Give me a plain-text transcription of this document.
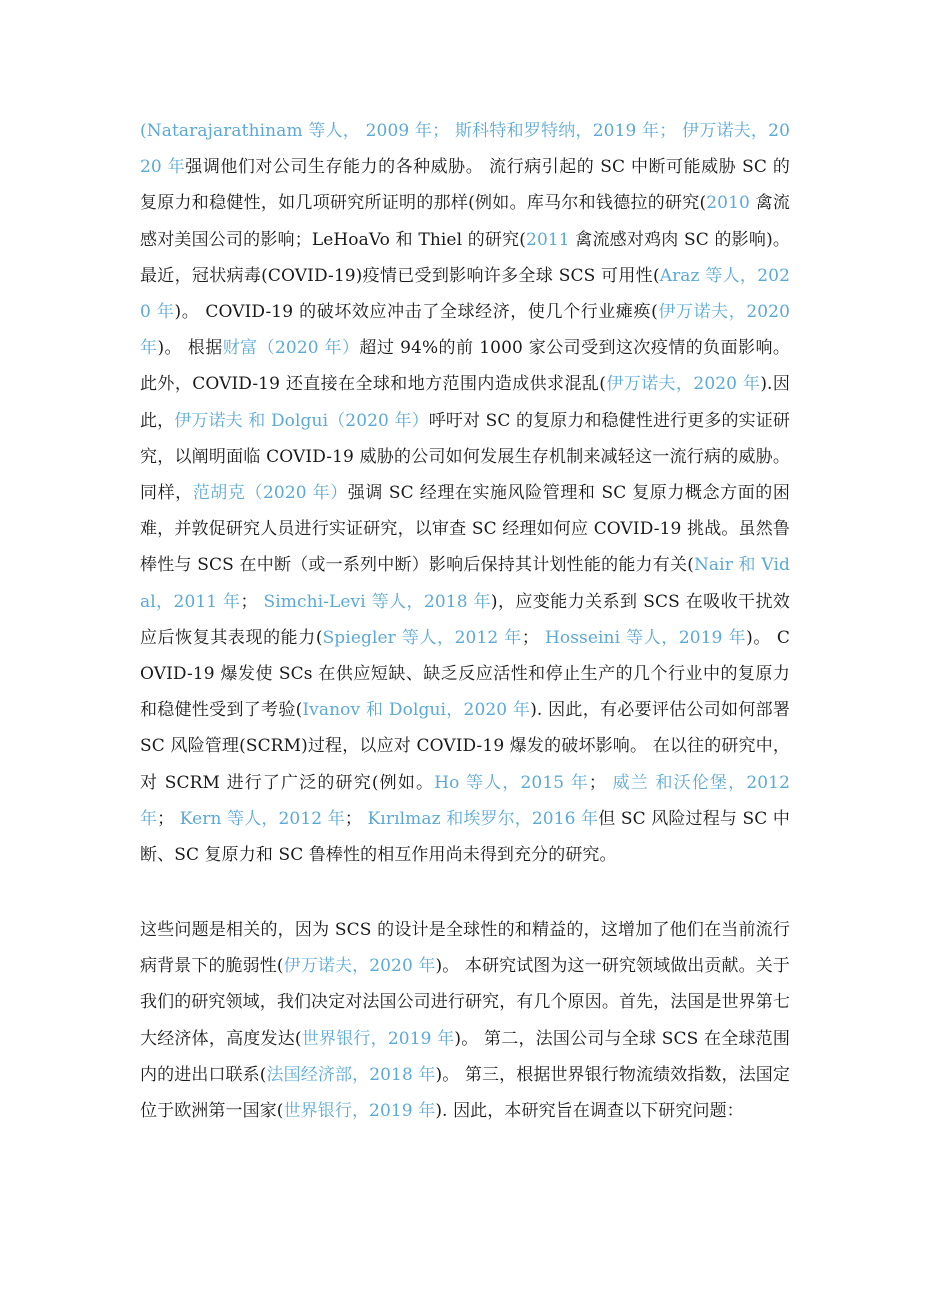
(Natarajarathinam 等人， 2009 年； 斯科特和罗特纳，2019 年； 伊万诺夫，2020 年强调他们对公司生存能力的各种威胁。 流行病引起的 SC 中断可能威胁 SC 的复原力和稳健性，如几项研究所证明的那样(例如。库马尔和钱德拉的研究(2010 禽流感对美国公司的影响；LeHoaVo 和 Thiel 的研究(2011 禽流感对鸡肉 SC 的影响)。最近，冠状病毒(COVID-19)疫情已受到影响许多全球 SCS 可用性(Araz 等人，2020 年)。 COVID-19 的破坏效应冲击了全球经济，使几个行业瘫痪(伊万诺夫，2020 年)。 根据财富（2020 年）超过 94%的前 1000 家公司受到这次疫情的负面影响。 此外，COVID-19 还直接在全球和地方范围内造成供求混乱(伊万诺夫，2020 年).因此，伊万诺夫 和 Dolgui（2020 年）呼吁对 SC 的复原力和稳健性进行更多的实证研究，以阐明面临 COVID-19 威胁的公司如何发展生存机制来减轻这一流行病的威胁。 同样，范胡克（2020 年）强调 SC 经理在实施风险管理和 SC 复原力概念方面的困难，并敦促研究人员进行实证研究，以审查 SC 经理如何应 COVID-19 挑战。虽然鲁棒性与 SCS 在中断（或一系列中断）影响后保持其计划性能的能力有关(Nair 和 Vidal，2011 年； Simchi-Levi 等人，2018 年)，应变能力关系到 SCS 在吸收干扰效应后恢复其表现的能力(Spiegler 等人，2012 年； Hosseini 等人，2019 年)。 COVID-19 爆发使 SCs 在供应短缺、缺乏反应活性和停止生产的几个行业中的复原力和稳健性受到了考验(Ivanov 和 Dolgui，2020 年). 因此，有必要评估公司如何部署 SC 风险管理(SCRM)过程，以应对 COVID-19 爆发的破坏影响。 在以往的研究中，对 SCRM 进行了广泛的研究(例如。Ho 等人，2015 年； 威兰 和沃伦堡，2012 年； Kern 等人，2012 年； Kırılmaz 和埃罗尔，2016 年但 SC 风险过程与 SC 中断、SC 复原力和 SC 鲁棒性的相互作用尚未得到充分的研究。
这些问题是相关的，因为 SCS 的设计是全球性的和精益的，这增加了他们在当前流行病背景下的脆弱性(伊万诺夫，2020 年)。 本研究试图为这一研究领域做出贡献。关于我们的研究领域，我们决定对法国公司进行研究，有几个原因。首先，法国是世界第七大经济体，高度发达(世界银行，2019 年)。 第二，法国公司与全球 SCS 在全球范围内的进出口联系(法国经济部，2018 年)。 第三，根据世界银行物流绩效指数，法国定位于欧洲第一国家(世界银行，2019 年). 因此，本研究旨在调查以下研究问题：
